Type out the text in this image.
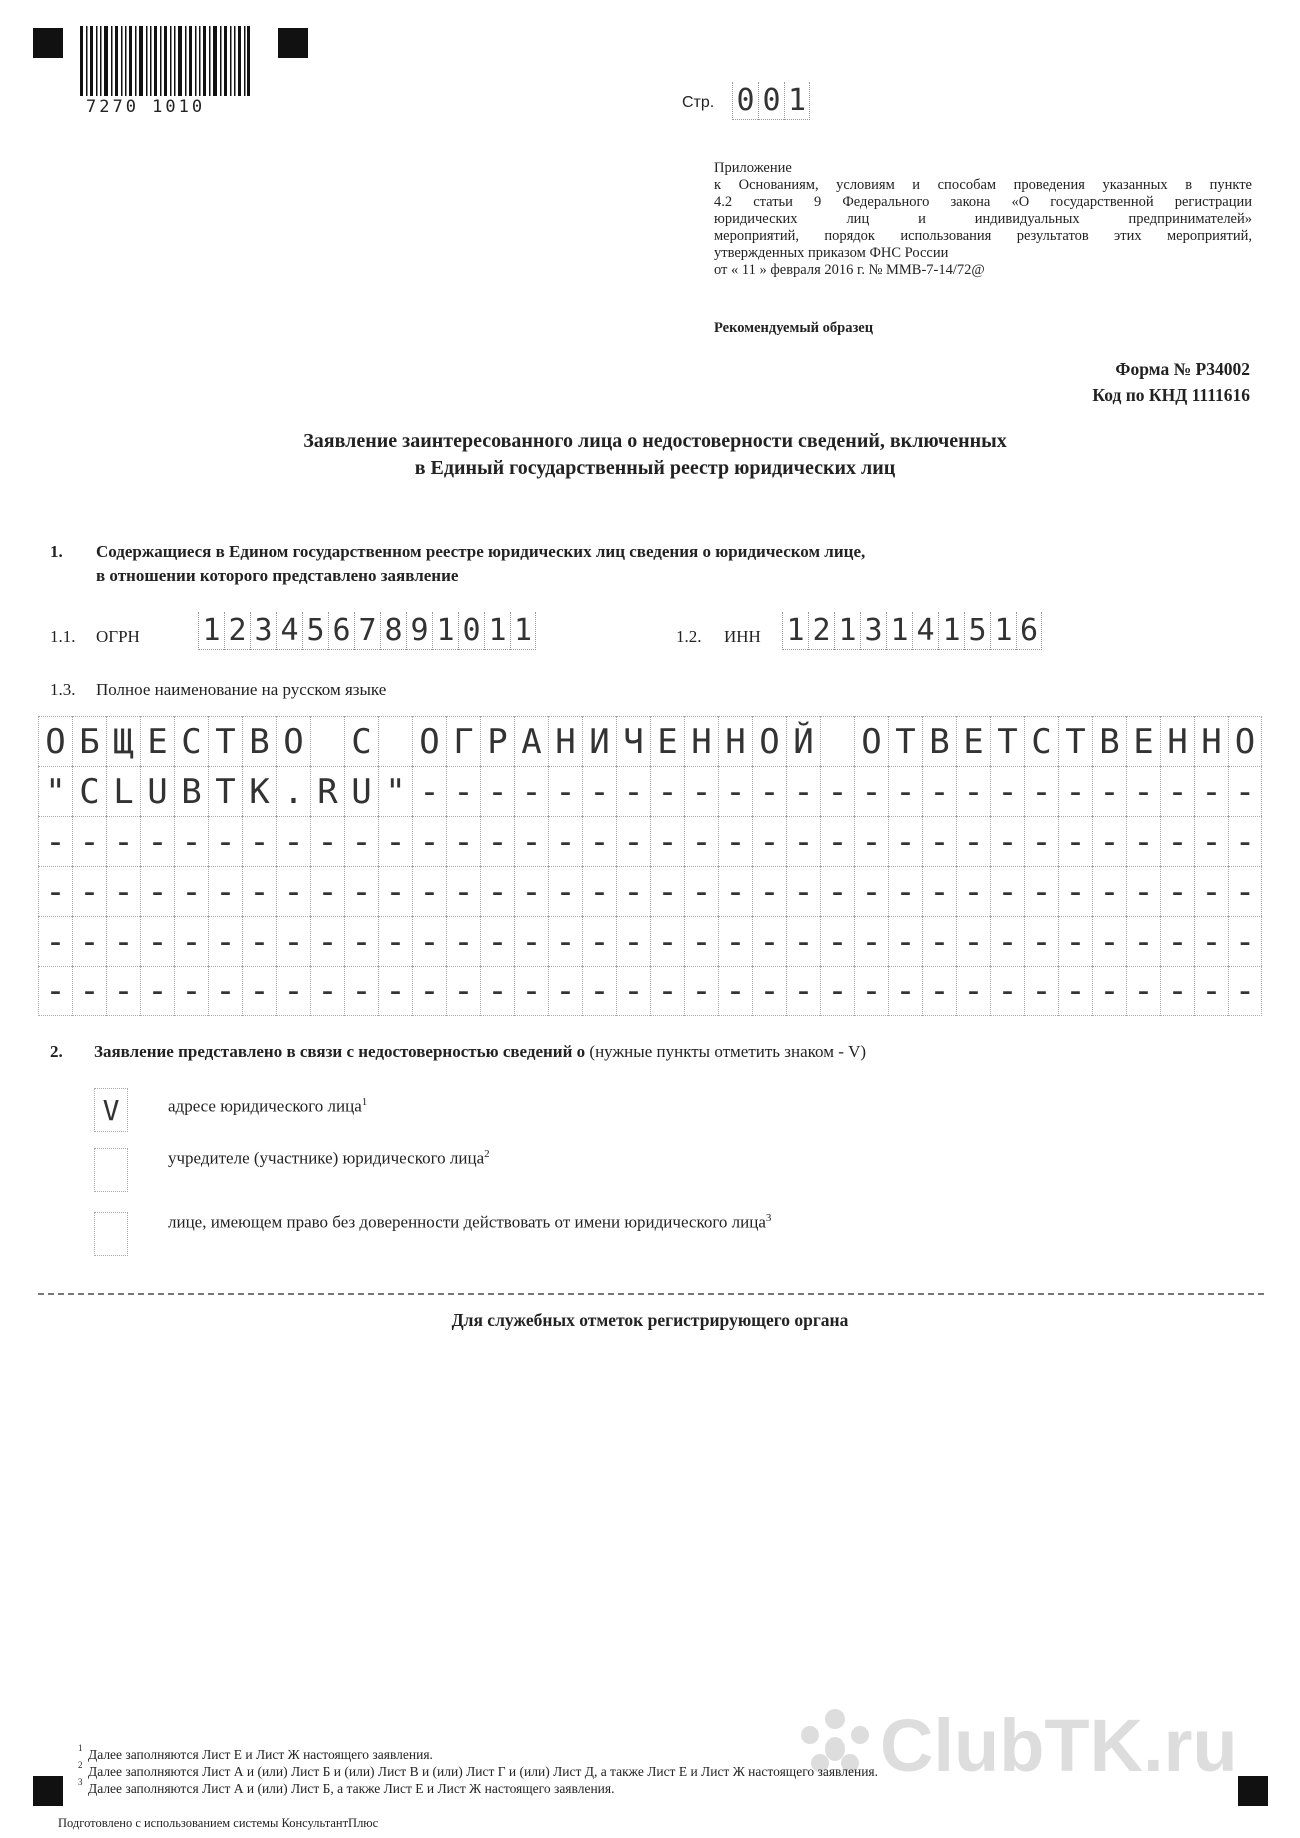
7270 1010	Стр. 0 0 1

Приложение

к Основаниям, условиям и способам проведения указанных в пункте

4.2 статьи 9 Федерального закона «О государственной регистрации

юридических лиц и индивидуальных предпринимателей»

мероприятий, порядок использования результатов этих мероприятий,

утвержденных приказом ФНС России

от « 11 » февраля 2016 г. № ММВ-7-14/72@

Рекомендуемый образец
Форма № Р34002
Код по КНД 1111616
Заявление заинтересованного лица о недостоверности сведений, включенных
в Единый государственный реестр юридических лиц
1. Содержащиеся в Едином государственном реестре юридических лиц сведения о юридическом лице,
в отношении которого представлено заявление
1.1. ОГРН 1 2 3 4 5 6 7 8 9 1 0 1 1	1.2. ИНН 1 2 1 3 1 4 1 5 1 6
1.3. Полное наименование на русском языке
О Б Щ Е С Т В О С О Г Р А Н И Ч Е Н Н О Й О Т В Е Т С Т В Е Н Н О
" C L U B T K . R U " - - - - - - - - - - - - - - - - - - - - - - - - -
- - - - - - - - - - - - - - - - - - - - - - - - - - - - - - - - - - - -
- - - - - - - - - - - - - - - - - - - - - - - - - - - - - - - - - - - -
- - - - - - - - - - - - - - - - - - - - - - - - - - - - - - - - - - - -
- - - - - - - - - - - - - - - - - - - - - - - - - - - - - - - - - - - -
2. Заявление представлено в связи с недостоверностью сведений о (нужные пункты отметить знаком - V)
V	адресе юридического лица$^1$
учредителе (участнике) юридического лица$^2$
лице, имеющем право без доверенности действовать от имени юридического лица$^3$
Для служебных отметок регистрирующего органа
ClubTK.ru
1 Далее заполняются Лист Е и Лист Ж настоящего заявления.
2 Далее заполняются Лист А и (или) Лист Б и (или) Лист В и (или) Лист Г и (или) Лист Д, а также Лист Е и Лист Ж настоящего заявления.
3 Далее заполняются Лист А и (или) Лист Б, а также Лист Е и Лист Ж настоящего заявления.
Подготовлено с использованием системы КонсультантПлюс
